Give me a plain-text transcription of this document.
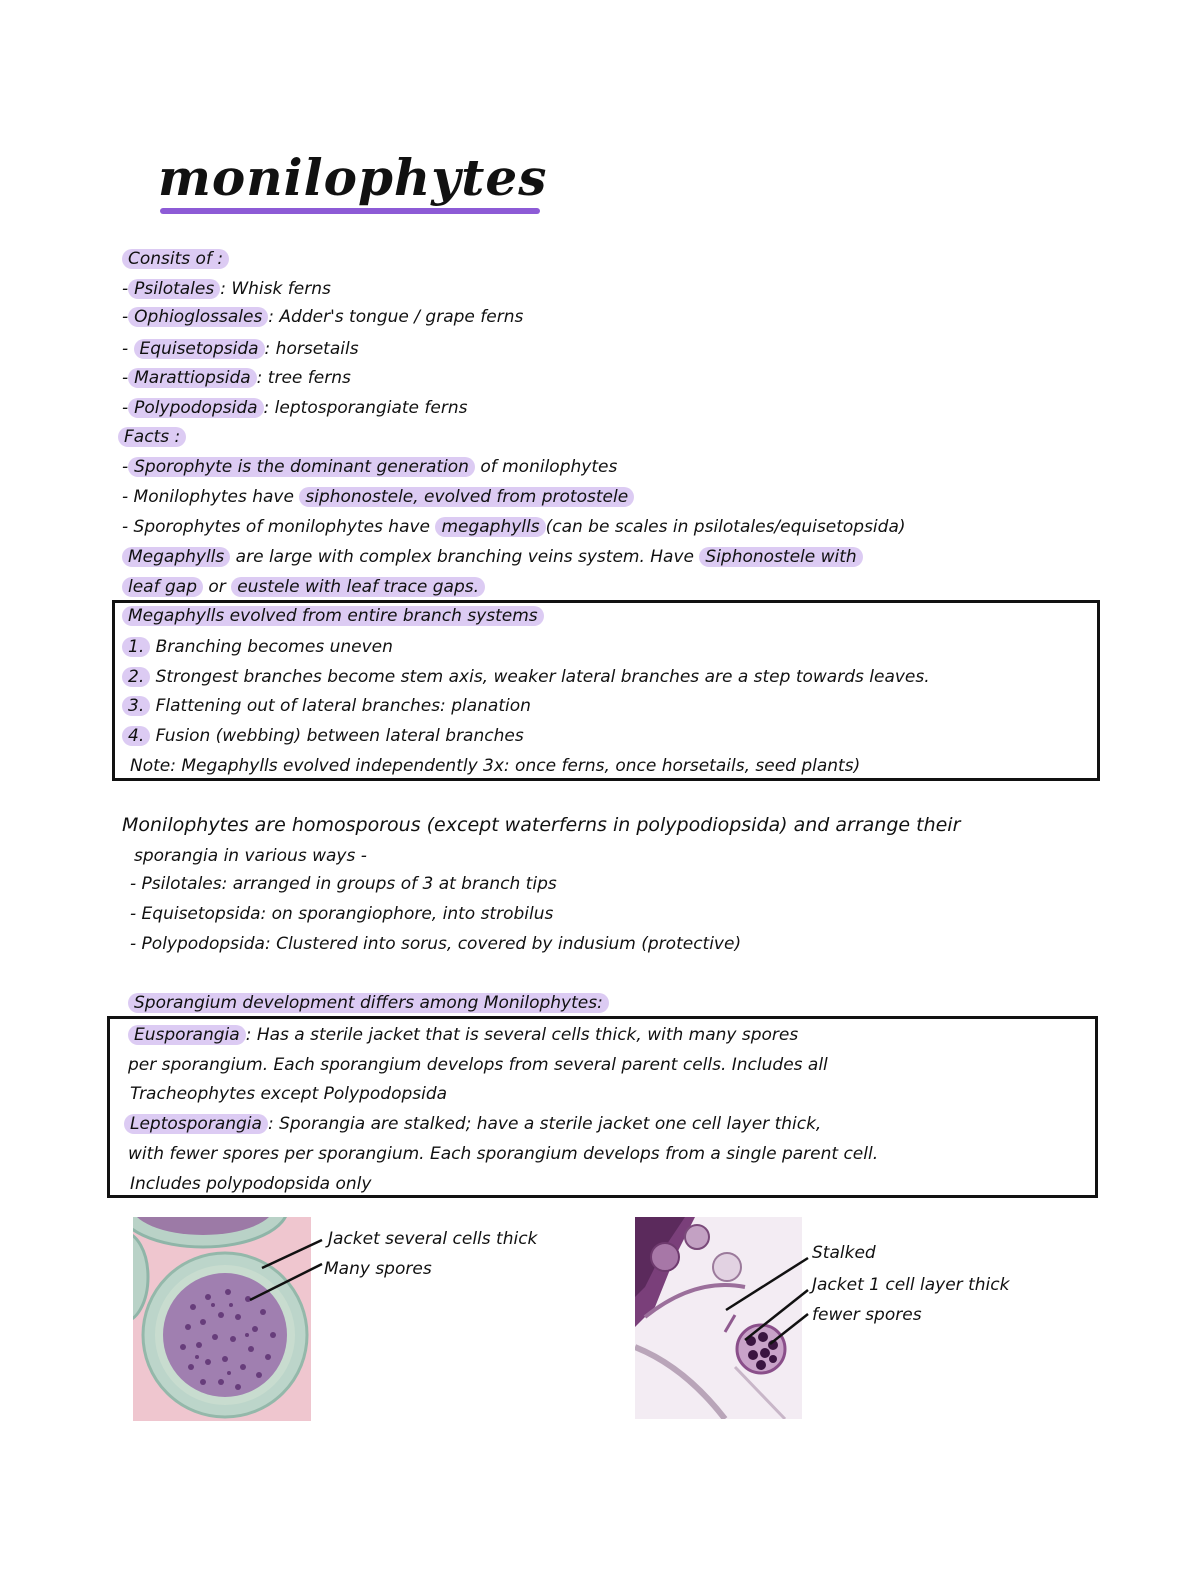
monilophytes
Consits of :
- Psilotales : Whisk ferns
- Ophioglossales : Adder's tongue / grape ferns
- Equisetopsida : horsetails
- Marattiopsida : tree ferns
- Polypodopsida : leptosporangiate ferns
Facts :
- Sporophyte is the dominant generation of monilophytes
- Monilophytes have siphonostele, evolved from protostele
- Sporophytes of monilophytes have megaphylls (can be scales in psilotales/equisetopsida)
Megaphylls are large with complex branching veins system. Have Siphonostele with
leaf gap or eustele with leaf trace gaps.
Megaphylls evolved from entire branch systems
1. Branching becomes uneven
2. Strongest branches become stem axis, weaker lateral branches are a step towards leaves.
3. Flattening out of lateral branches: planation
4. Fusion (webbing) between lateral branches
Note: Megaphylls evolved independently 3x: once ferns, once horsetails, seed plants)
Monilophytes are homosporous (except waterferns in polypodiopsida) and arrange their
sporangia in various ways -
- Psilotales: arranged in groups of 3 at branch tips
- Equisetopsida: on sporangiophore, into strobilus
- Polypodopsida: Clustered into sorus, covered by indusium (protective)
Sporangium development differs among Monilophytes:
Eusporangia : Has a sterile jacket that is several cells thick, with many spores
per sporangium. Each sporangium develops from several parent cells. Includes all
Tracheophytes except Polypodopsida
Leptosporangia : Sporangia are stalked; have a sterile jacket one cell layer thick,
with fewer spores per sporangium. Each sporangium develops from a single parent cell.
Includes polypodopsida only
Jacket several cells thick
Many spores
Stalked
Jacket 1 cell layer thick
fewer spores
